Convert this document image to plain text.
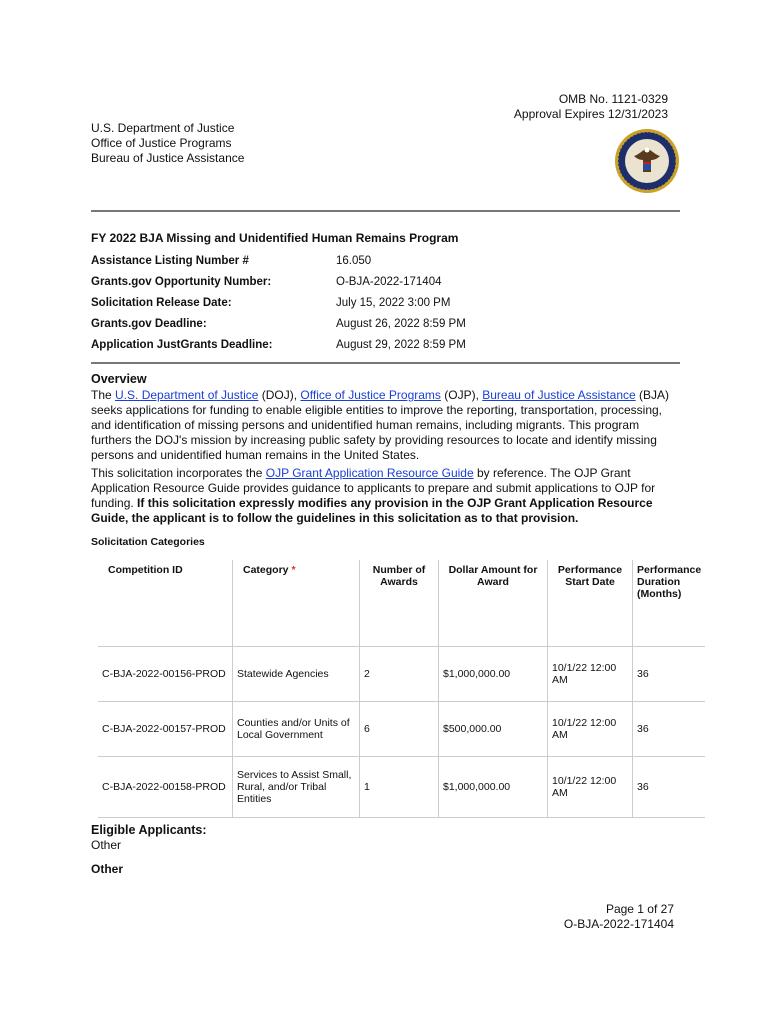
OMB No. 1121-0329
Approval Expires 12/31/2023
U.S. Department of Justice
Office of Justice Programs
Bureau of Justice Assistance
FY 2022 BJA Missing and Unidentified Human Remains Program
Assistance Listing Number #	16.050
Grants.gov Opportunity Number:	O-BJA-2022-171404
Solicitation Release Date:	July 15, 2022 3:00 PM
Grants.gov Deadline:	August 26, 2022 8:59 PM
Application JustGrants Deadline:	August 29, 2022 8:59 PM
Overview
The U.S. Department of Justice (DOJ), Office of Justice Programs (OJP), Bureau of Justice Assistance (BJA) seeks applications for funding to enable eligible entities to improve the reporting, transportation, processing, and identification of missing persons and unidentified human remains, including migrants. This program furthers the DOJ's mission by increasing public safety by providing resources to locate and identify missing persons and unidentified human remains in the United States.
This solicitation incorporates the OJP Grant Application Resource Guide by reference. The OJP Grant Application Resource Guide provides guidance to applicants to prepare and submit applications to OJP for funding. If this solicitation expressly modifies any provision in the OJP Grant Application Resource Guide, the applicant is to follow the guidelines in this solicitation as to that provision.
Solicitation Categories
Competition ID	Category *	Number of Awards	Dollar Amount for Award	Performance Start Date	Performance Duration (Months)
C-BJA-2022-00156-PROD	Statewide Agencies	2	$1,000,000.00	10/1/22 12:00 AM	36
C-BJA-2022-00157-PROD	Counties and/or Units of Local Government	6	$500,000.00	10/1/22 12:00 AM	36
C-BJA-2022-00158-PROD	Services to Assist Small, Rural, and/or Tribal Entities	1	$1,000,000.00	10/1/22 12:00 AM	36
Eligible Applicants:
Other
Other
Page 1 of 27
O-BJA-2022-171404
